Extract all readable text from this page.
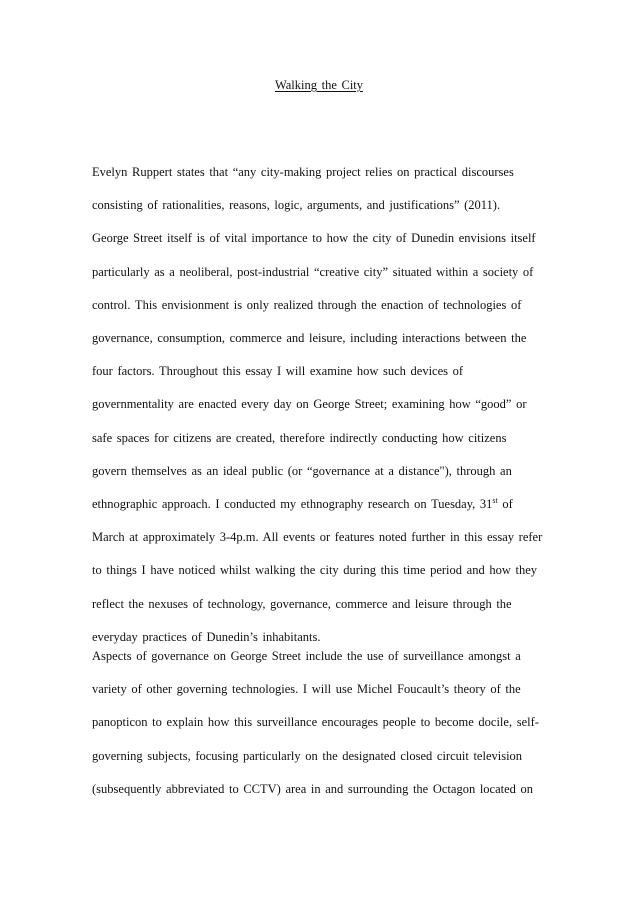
Walking the City
Evelyn Ruppert states that “any city-making project relies on practical discourses
consisting of rationalities, reasons, logic, arguments, and justifications” (2011).
George Street itself is of vital importance to how the city of Dunedin envisions itself
particularly as a neoliberal, post-industrial “creative city” situated within a society of
control. This envisionment is only realized through the enaction of technologies of
governance, consumption, commerce and leisure, including interactions between the
four factors. Throughout this essay I will examine how such devices of
governmentality are enacted every day on George Street; examining how “good” or
safe spaces for citizens are created, therefore indirectly conducting how citizens
govern themselves as an ideal public (or “governance at a distance"), through an
ethnographic approach. I conducted my ethnography research on Tuesday, 31st of
March at approximately 3-4p.m. All events or features noted further in this essay refer
to things I have noticed whilst walking the city during this time period and how they
reflect the nexuses of technology, governance, commerce and leisure through the
everyday practices of Dunedin’s inhabitants.
Aspects of governance on George Street include the use of surveillance amongst a
variety of other governing technologies. I will use Michel Foucault’s theory of the
panopticon to explain how this surveillance encourages people to become docile, self-
governing subjects, focusing particularly on the designated closed circuit television
(subsequently abbreviated to CCTV) area in and surrounding the Octagon located on
